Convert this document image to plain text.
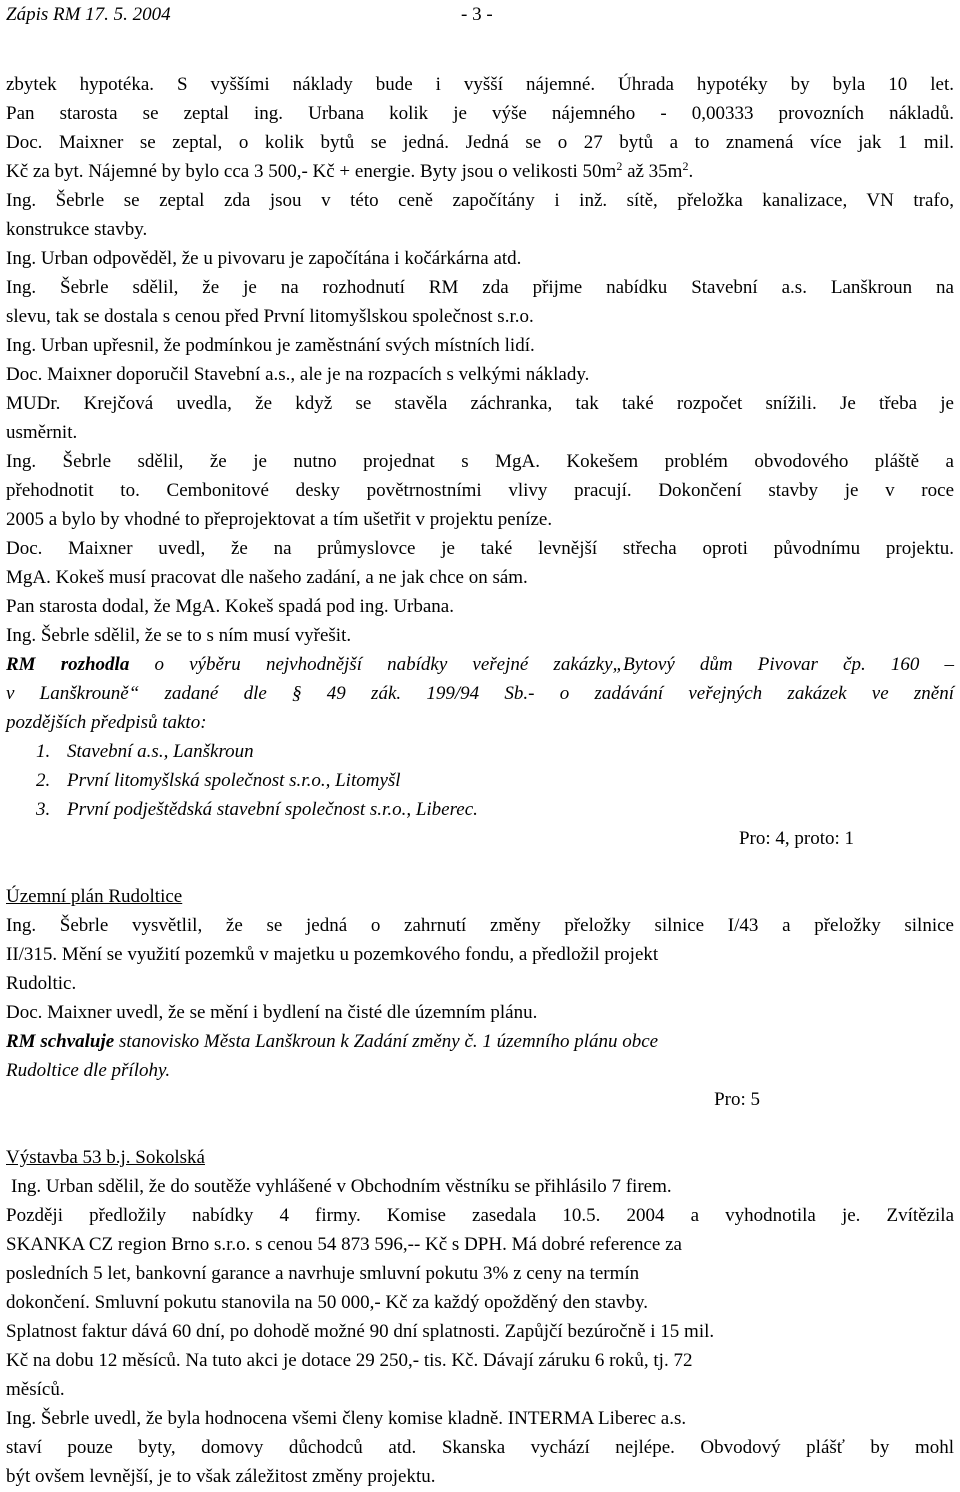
Zápis RM 17. 5. 2004	- 3 -
zbytek hypotéka. S vyššími náklady bude i vyšší nájemné. Úhrada hypotéky by byla 10 let.
Pan starosta se zeptal ing. Urbana kolik je výše nájemného - 0,00333 provozních nákladů.
Doc. Maixner se zeptal, o kolik bytů se jedná. Jedná se o 27 bytů a to znamená více jak 1 mil.
Kč za byt. Nájemné by bylo cca 3 500,- Kč + energie. Byty jsou o velikosti $50m^2$ až $35m^2$.
Ing. Šebrle se zeptal zda jsou v této ceně započítány i inž. sítě, přeložka kanalizace, VN trafo,
konstrukce stavby.
Ing. Urban odpověděl, že u pivovaru je započítána i kočárkárna atd.
Ing. Šebrle sdělil, že je na rozhodnutí RM zda přijme nabídku Stavební a.s. Lanškroun na
slevu, tak se dostala s cenou před První litomyšlskou společnost s.r.o.
Ing. Urban upřesnil, že podmínkou je zaměstnání svých místních lidí.
Doc. Maixner doporučil Stavební a.s., ale je na rozpacích s velkými náklady.
MUDr. Krejčová uvedla, že když se stavěla záchranka, tak také rozpočet snížili. Je třeba je
usměrnit.
Ing. Šebrle sdělil, že je nutno projednat s MgA. Kokešem problém obvodového pláště a
přehodnotit to. Cembonitové desky povětrnostními vlivy pracují. Dokončení stavby je v roce
2005 a bylo by vhodné to přeprojektovat a tím ušetřit v projektu peníze.
Doc. Maixner uvedl, že na průmyslovce je také levnější střecha oproti původnímu projektu.
MgA. Kokeš musí pracovat dle našeho zadání, a ne jak chce on sám.
Pan starosta dodal, že MgA. Kokeš spadá pod ing. Urbana.
Ing. Šebrle sdělil, že se to s ním musí vyřešit.
RM rozhodla o výběru nejvhodnější nabídky veřejné zakázky„Bytový dům Pivovar čp. 160 –
v Lanškrouně“ zadané dle § 49 zák. 199/94 Sb.- o zadávání veřejných zakázek ve znění
pozdějších předpisů takto:
1. Stavební a.s., Lanškroun
2. První litomyšlská společnost s.r.o., Litomyšl
3. První podještědská stavební společnost s.r.o., Liberec.
Pro: 4, proto: 1
Územní plán Rudoltice
Ing. Šebrle vysvětlil, že se jedná o zahrnutí změny přeložky silnice I/43 a přeložky silnice
II/315. Mění se využití pozemků v majetku u pozemkového fondu, a předložil projekt
Rudoltic.
Doc. Maixner uvedl, že se mění i bydlení na čisté dle územním plánu.
RM schvaluje stanovisko Města Lanškroun k Zadání změny č. 1 územního plánu obce
Rudoltice dle přílohy.
Pro: 5
Výstavba 53 b.j. Sokolská
Ing. Urban sdělil, že do soutěže vyhlášené v Obchodním věstníku se přihlásilo 7 firem.
Později předložily nabídky 4 firmy. Komise zasedala 10.5. 2004 a vyhodnotila je. Zvítězila
SKANKA CZ region Brno s.r.o. s cenou 54 873 596,-- Kč s DPH. Má dobré reference za
posledních 5 let, bankovní garance a navrhuje smluvní pokutu 3% z ceny na termín
dokončení. Smluvní pokutu stanovila na 50 000,- Kč za každý opožděný den stavby.
Splatnost faktur dává 60 dní, po dohodě možné 90 dní splatnosti. Zapůjčí bezúročně i 15 mil.
Kč na dobu 12 měsíců. Na tuto akci je dotace 29 250,- tis. Kč. Dávají záruku 6 roků, tj. 72
měsíců.
Ing. Šebrle uvedl, že byla hodnocena všemi členy komise kladně. INTERMA Liberec a.s.
staví pouze byty, domovy důchodců atd. Skanska vychází nejlépe. Obvodový plášť by mohl
být ovšem levnější, je to však záležitost změny projektu.
